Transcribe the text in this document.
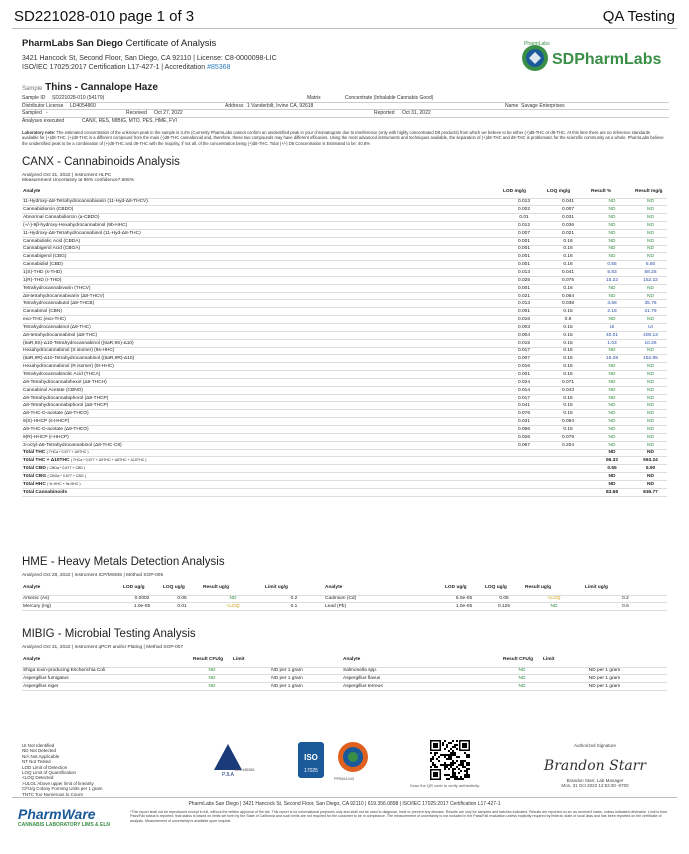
SD221028-010 page 1 of 3	QA Testing
PharmLabs San Diego Certificate of Analysis
3421 Hancock St, Second Floor, San Diego, CA 92110 | License: C8-0000098-LIC
ISO/IEC 17025:2017 Certification L17-427-1 | Accreditation #85368
PharmLabs
SDPharmLabs
Sample Thins - Cannalope Haze
Sample ID	SD221028-010 (54179)	Matrix	Concentrate (Inhalable Cannabis Good)
Distributor License	LD4054860	Address 1 Vanderbilt, Irvine CA, 92618	Name Savage Enterprises
Sampled -	Received	Oct 27, 2022	Reported	Oct 31, 2022
Analyses executed	CANX, RES, MIBIG, MTO, PES, HME, FVI
Laboratory note: The estimated concentration of the unknown peak in the sample is 3.4% (Currently PharmLabs cannot confirm an unidentified peak in your chromatogram due to interference (only with highly concentrated D8 products) from which we believe to be either (+)d8-THC or d9-THC. At this time there are no reference standards available for (+)d8-THC. (+)d8-THC is a different compound from the main (-)d8-THC cannabinoid and, therefore, these two compounds may have different efficacies. Using the most advanced instruments and techniques available, the separation of (+)d8-THC and d9-THC is problematic for the scientific community as a whole. PharmLabs believe the unidentified peak to be a combination of (+)d8-THC and d9-THC with the majority, if not all, of the concentration being (+)d8-THC. Total (+/-) D8 Concentration is Estimated to be: 40.8%
CANX - Cannabinoids Analysis
Analyzed Oct 31, 2022 | Instrument HLPC
Measurement Uncertainty at 95% confidence7.806%
Analyte	LOD mg/g	LOQ mg/g	Result %	Result mg/g
11-Hydroxy-Δ8-Tetrahydrocannabivarin (11-Hyd-Δ8-THCV)	0.013	0.041	ND	ND
Cannabidiorcin (CBDO)	0.002	0.007	ND	ND
Abnormal Cannabidiorcin (a-CBDO)	0.01	0.031	ND	ND
(+/-)-9β-hydroxy-Hexahydrocannabinol (9b-HHC)	0.012	0.036	ND	ND
11-Hydroxy-Δ8-Tetrahydrocannabinol (11-Hyd-Δ8-THC)	0.007	0.021	ND	ND
Cannabidiolic Acid (CBDA)	0.001	0.16	ND	ND
Cannabigerol Acid (CBGA)	0.001	0.16	ND	ND
Cannabigerol (CBG)	0.001	0.16	ND	ND
Cannabidiol (CBD)	0.001	0.16	0.55	5.50
1(S)-THD (s-THD)	0.013	0.041	5.83	58.25
1(R)-THD (r-THD)	0.025	0.075	15.22	152.22
Tetrahydrocannabivarin (THCV)	0.001	0.16	ND	ND
Δ8-tetrahydrocannabivarin (Δ8-THCV)	0.021	0.064	ND	ND
Tetrahydrocannabutol (Δ9-THCB)	0.013	0.038	3.58	35.76
Cannabinol (CBN)	0.001	0.16	2.18	21.79
exo-THC (exo-THC)	0.016	0.8	ND	ND
Tetrahydrocannabinol (Δ9-THC)	0.003	0.16	UI	UI
Δ8-tetrahydrocannabinol (Δ8-THC)	0.004	0.16	40.01	400.13
(6aR,9S)-Δ10-Tetrahydrocannabinol ((6aR,9S)-Δ10)	0.015	0.16	1.03	10.26
Hexahydrocannabinol (S isomer) (9s-HHC)	0.017	0.16	ND	ND
(6aR,9R)-Δ10-Tetrahydrocannabinol ((6aR,9R)-Δ10)	0.007	0.16	15.28	152.85
Hexahydrocannabinol (R isomer) (9r-HHC)	0.016	0.16	ND	ND
Tetrahydrocannabinolic Acid (THCA)	0.001	0.16	ND	ND
Δ9-Tetrahydrocannabihexol (Δ9-THCH)	0.024	0.071	ND	ND
Cannabinol Acetate (CBNO)	0.014	0.043	ND	ND
Δ9-Tetrahydrocannabiphorol (Δ9-THCP)	0.017	0.16	ND	ND
Δ8-Tetrahydrocannabiphorol (Δ8-THCP)	0.041	0.16	ND	ND
Δ8-THC-O-acetate (Δ8-THCO)	0.076	0.16	ND	ND
9(S)-HHCP (s-HHCP)	0.031	0.094	ND	ND
Δ9-THC-O-acetate (Δ9-THCO)	0.066	0.16	ND	ND
9(R)-HHCP (r-HHCP)	0.026	0.079	ND	ND
3-octyl-Δ8-Tetrahydrocannabinol (Δ8-THC-C8)	0.067	0.204	ND	ND
Total THC ( THCa * 0.877 + Δ9THC )			ND	ND
Total THC + Δ10THC ( THCa * 0.877 + Δ9THC + Δ8THC + Δ10THC )			56.32	563.24
Total CBD ( CBDa * 0.877 + CBD )			0.55	5.50
Total CBG ( CBGa * 0.877 + CBG )			ND	ND
Total HHC ( 9r-HHC + 9s-HHC )			ND	ND
Total Cannabinoids			83.68	836.77
HME - Heavy Metals Detection Analysis
Analyzed Oct 28, 2022 | Instrument ICP/MSMS | Method SOP-005
Analyte	LOD ug/g	LOQ ug/g	Result ug/g	Limit ug/g	Analyte	LOD ug/g	LOQ ug/g	Result ug/g	Limit ug/g
Arsenic (As)	0.0002	0.05	ND	0.2	Cadmium (Cd)	5.0e-05	0.05	<LOQ	0.2
Mercury (Hg)	1.0e-05	0.01	<LOQ	0.1	Lead (Pb)	1.0e-05	0.125	ND	0.5
MIBIG - Microbial Testing Analysis
Analyzed Oct 31, 2022 | Instrument qPCR and/or Plating | Method SOP-007
Analyte	Result CFU/g	Limit	Analyte	Result CFU/g	Limit
Shiga toxin-producing Escherichia Coli	ND	ND per 1 gram	Salmonella spp.	ND	ND per 1 gram
Aspergillus fumigatus	ND	ND per 1 gram	Aspergillus flavus	ND	ND per 1 gram
Aspergillus niger	ND	ND per 1 gram	Aspergillus terreus	ND	ND per 1 gram
UI Not Identified
ND Not Detected
N/A Not Applicable
NT Not Tested
LOD Limit of Detection
LOQ Limit of Quantification
<LOQ Detected
>ULOL Above upper limit of linearity
CFU/g Colony Forming Units per 1 gram
TNTC Too Numerous to Count
PJLA
ACL #85368
ISO
17025
PPB611043
Scan the QR code to verify authenticity.
Authorized Signature
Brandon Starr
Brandon Starr, Lab Manager
Mon, 31 Oct 2022 12:53:30 -0700
PharmLabs San Diego | 3421 Hancock St, Second Floor, San Diego, CA 92110 | 619.356.0898 | ISO/IEC 17025:2017 Certification L17-427-1
*This report shall not be reproduced except in full, without the written approval of the lab. This report is for informational purposes only and shall not be used to diagnose, treat or prevent any disease. Results are only for samples and batches indicated. Results are reported on an 'as received' basis, unless indicated otherwise. Limit is from Pass/Fail status is reported, that status is based on limits set forth by the State of California and such limits are not required for the customer to be in compliance. The measurement of uncertainty is not included in the Pass/Fail evaluation unless explicitly required by federal, state or local laws and has been reported on the certificate of analysis. Measurement of uncertainty is available upon request.
PharmWare
CANNABIS LABORATORY LIMS & ELN
